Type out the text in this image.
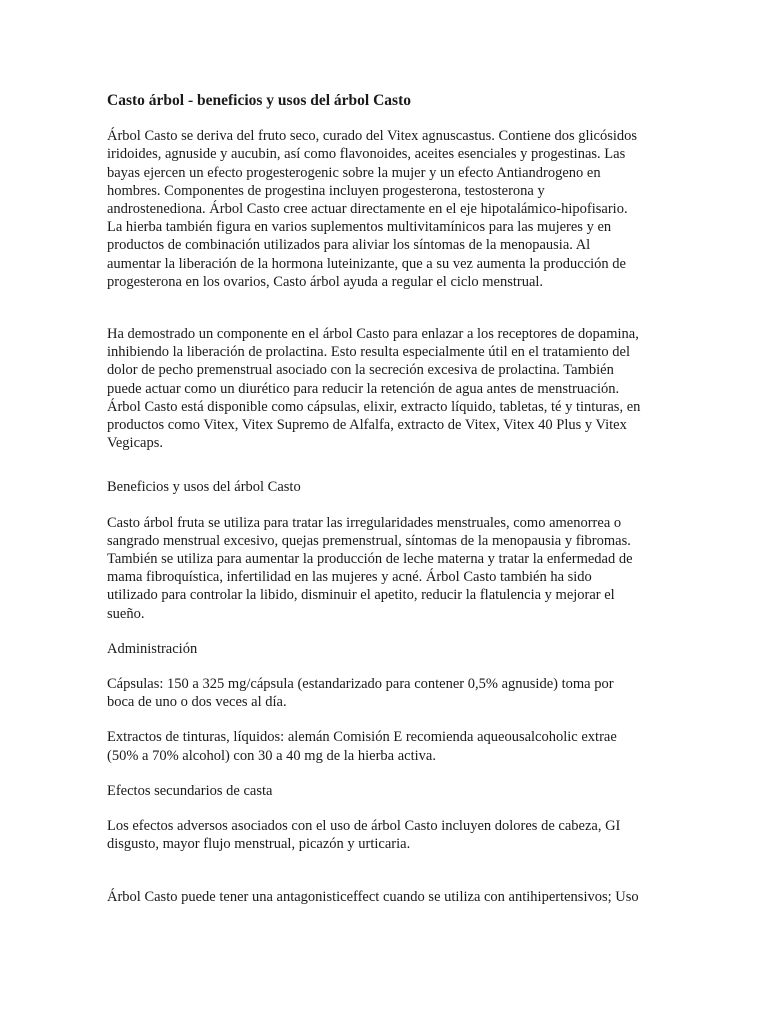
Casto árbol - beneficios y usos del árbol Casto

Árbol Casto se deriva del fruto seco, curado del Vitex agnuscastus. Contiene dos glicósidos
iridoides, agnuside y aucubin, así como flavonoides, aceites esenciales y progestinas. Las
bayas ejercen un efecto progesterogenic sobre la mujer y un efecto Antiandrogeno en
hombres. Componentes de progestina incluyen progesterona, testosterona y
androstenediona. Árbol Casto cree actuar directamente en el eje hipotalámico-hipofisario.
La hierba también figura en varios suplementos multivitamínicos para las mujeres y en
productos de combinación utilizados para aliviar los síntomas de la menopausia. Al
aumentar la liberación de la hormona luteinizante, que a su vez aumenta la producción de
progesterona en los ovarios, Casto árbol ayuda a regular el ciclo menstrual.

Ha demostrado un componente en el árbol Casto para enlazar a los receptores de dopamina,
inhibiendo la liberación de prolactina. Esto resulta especialmente útil en el tratamiento del
dolor de pecho premenstrual asociado con la secreción excesiva de prolactina. También
puede actuar como un diurético para reducir la retención de agua antes de menstruación.
Árbol Casto está disponible como cápsulas, elixir, extracto líquido, tabletas, té y tinturas, en
productos como Vitex, Vitex Supremo de Alfalfa, extracto de Vitex, Vitex 40 Plus y Vitex
Vegicaps.

Beneficios y usos del árbol Casto

Casto árbol fruta se utiliza para tratar las irregularidades menstruales, como amenorrea o
sangrado menstrual excesivo, quejas premenstrual, síntomas de la menopausia y fibromas.
También se utiliza para aumentar la producción de leche materna y tratar la enfermedad de
mama fibroquística, infertilidad en las mujeres y acné. Árbol Casto también ha sido
utilizado para controlar la libido, disminuir el apetito, reducir la flatulencia y mejorar el
sueño.

Administración

Cápsulas: 150 a 325 mg/cápsula (estandarizado para contener 0,5% agnuside) toma por
boca de uno o dos veces al día.

Extractos de tinturas, líquidos: alemán Comisión E recomienda aqueousalcoholic extrae
(50% a 70% alcohol) con 30 a 40 mg de la hierba activa.

Efectos secundarios de casta

Los efectos adversos asociados con el uso de árbol Casto incluyen dolores de cabeza, GI
disgusto, mayor flujo menstrual, picazón y urticaria.

Árbol Casto puede tener una antagonisticeffect cuando se utiliza con antihipertensivos; Uso
